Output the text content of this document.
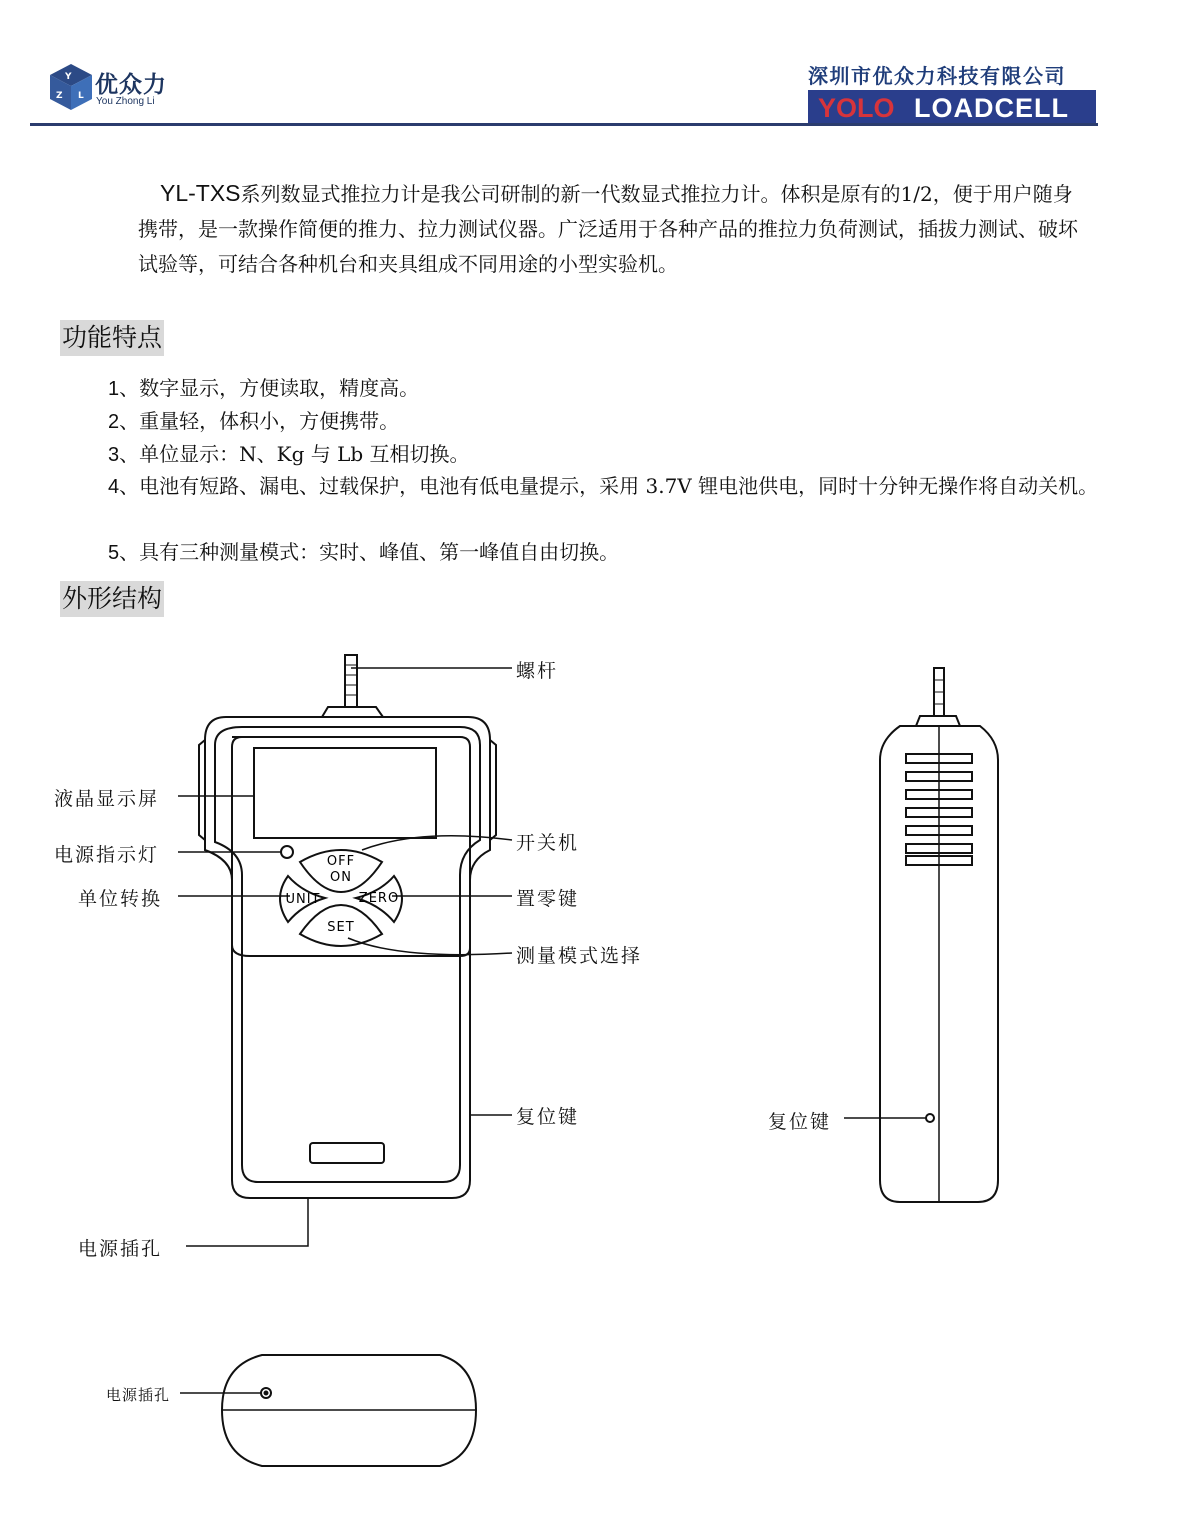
Y
Z L 优众力
You Zhong Li
深圳市优众力科技有限公司
YOLO LOADCELL
YL-TXS系列数显式推拉力计是我公司研制的新一代数显式推拉力计。体积是原有的1/2，便于用户随身携带，是一款操作简便的推力、拉力测试仪器。广泛适用于各种产品的推拉力负荷测试，插拔力测试、破坏试验等，可结合各种机台和夹具组成不同用途的小型实验机。
功能特点
1、数字显示，方便读取，精度高。
2、重量轻，体积小，方便携带。
3、单位显示：N、Kg 与 Lb 互相切换。
4、电池有短路、漏电、过载保护，电池有低电量提示，采用 3.7V 锂电池供电，同时十分钟无操作将自动关机。
5、具有三种测量模式：实时、峰值、第一峰值自由切换。
外形结构
OFF
ON
UNIT	ZERO
SET
螺杆
液晶显示屏
电源指示灯
开关机
单位转换	置零键
测量模式选择
复位键
电源插孔
复位键
电源插孔
